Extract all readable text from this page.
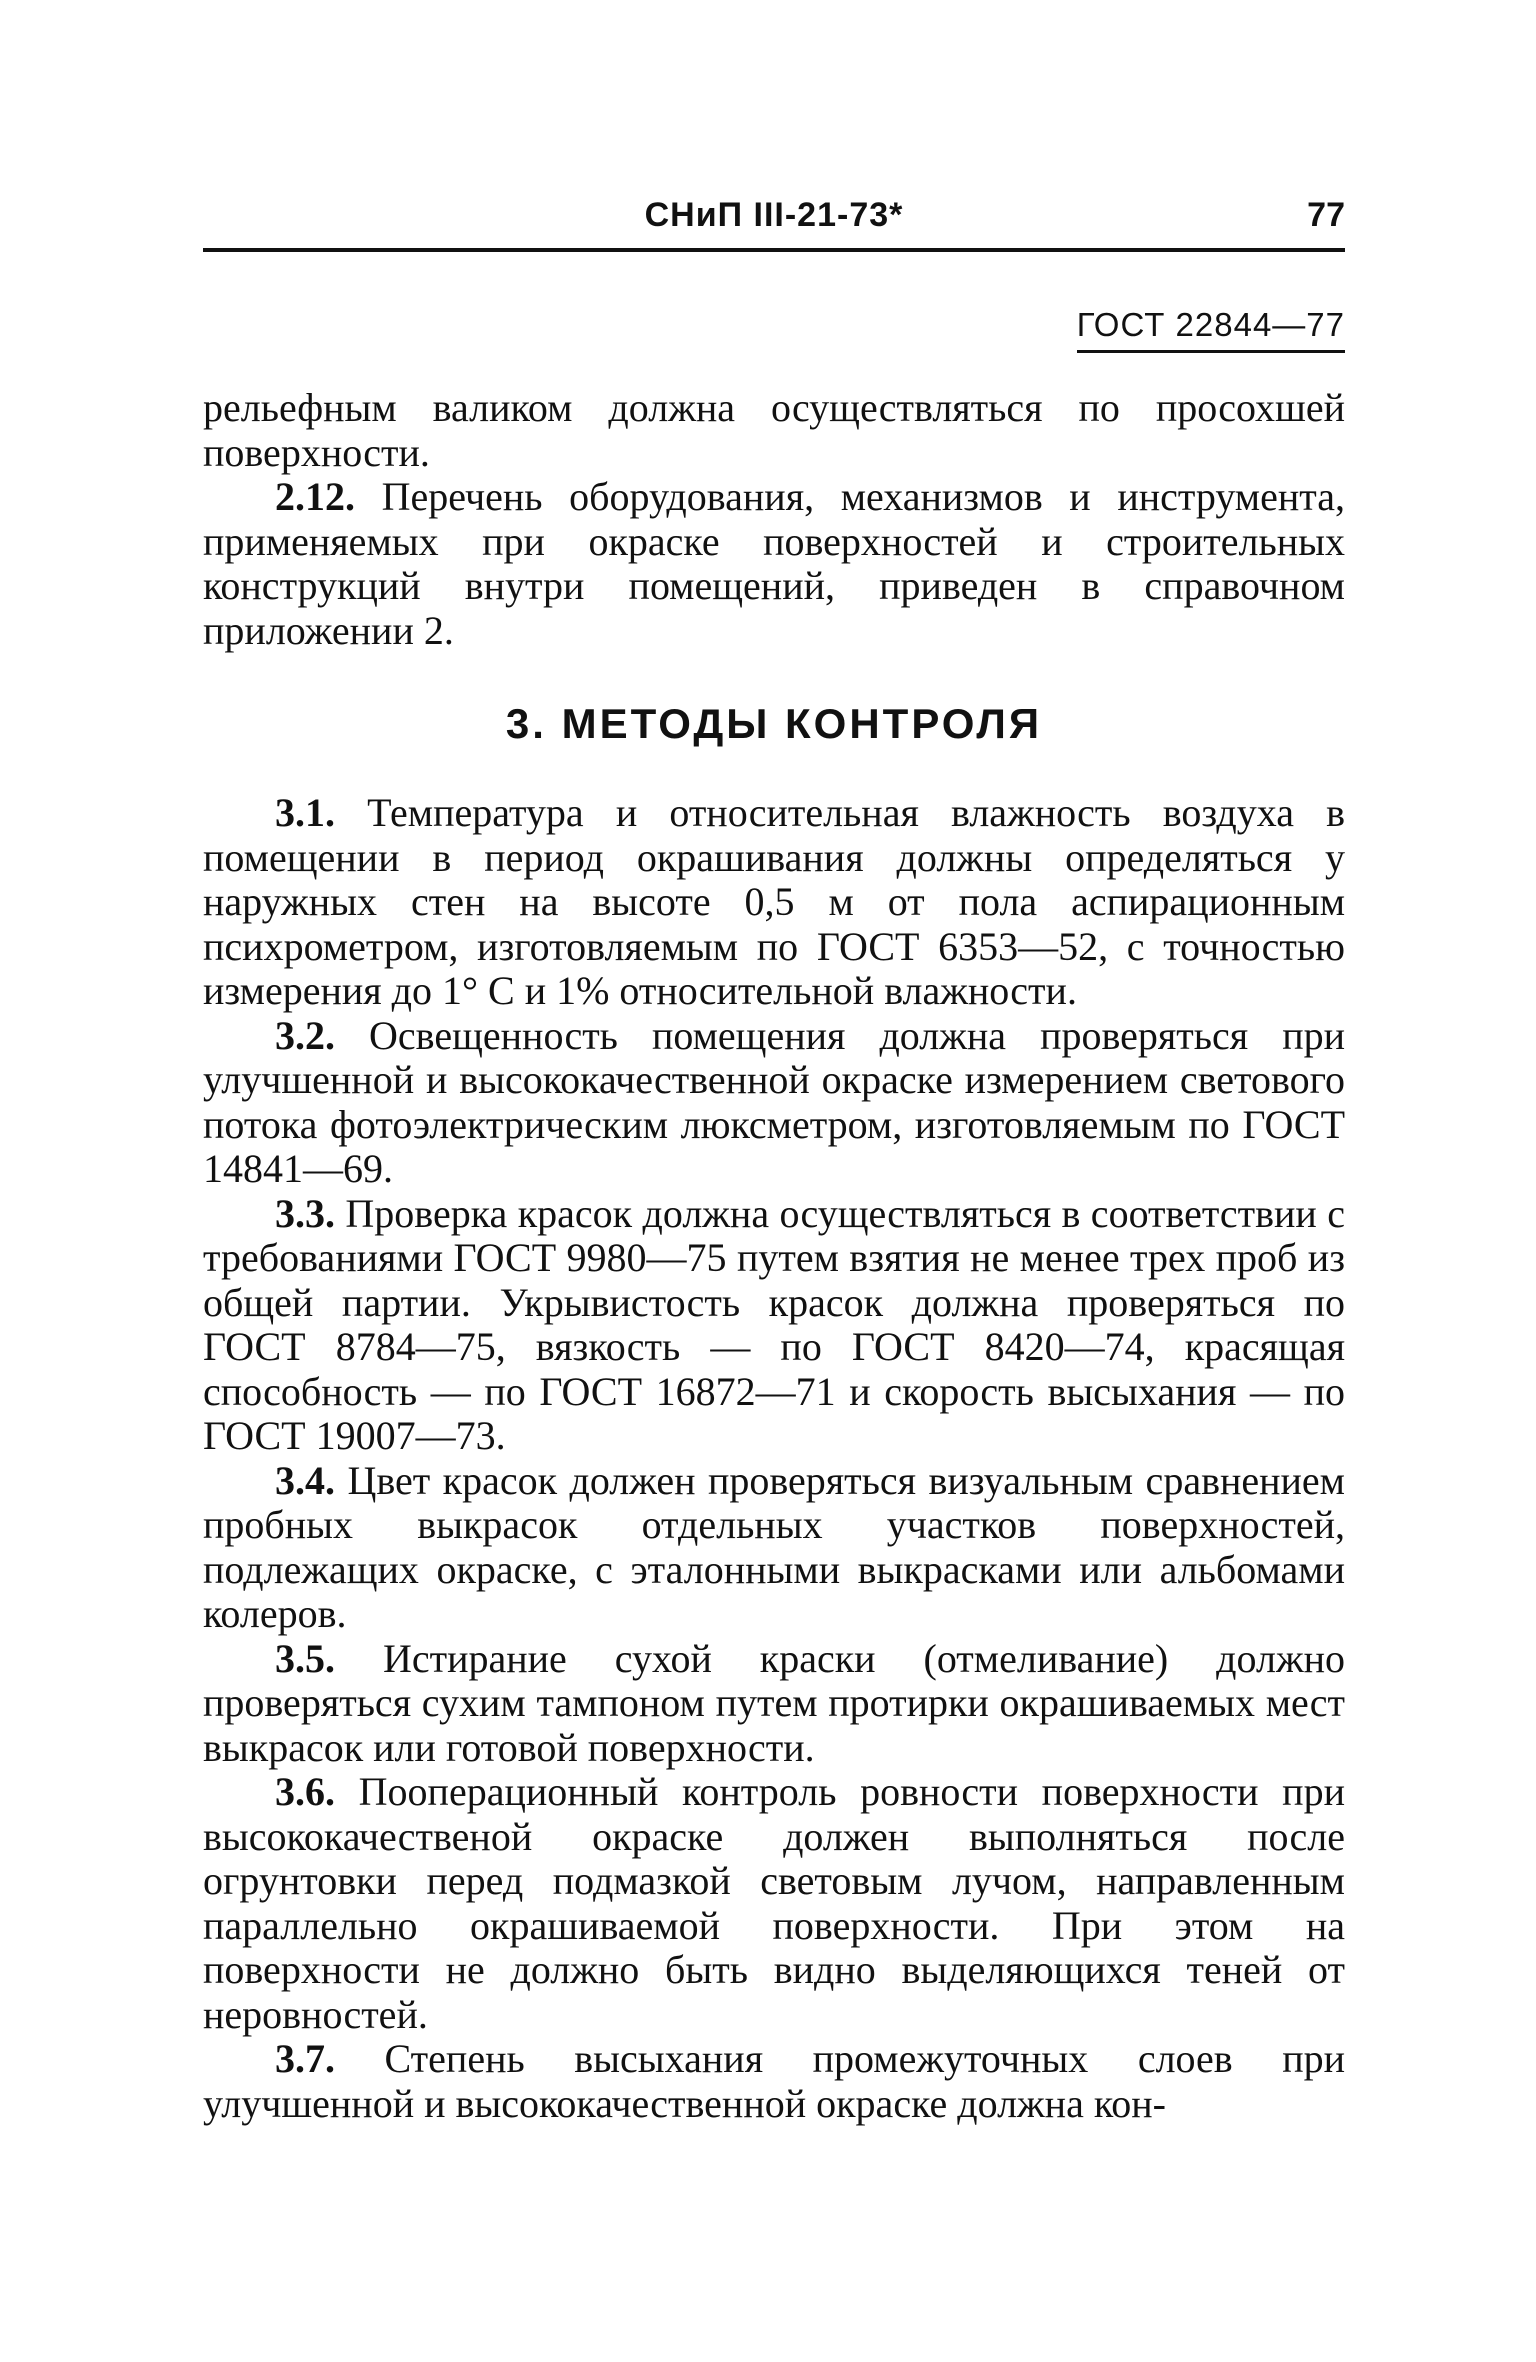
СНиП III-21-73*	77
ГОСТ 22844—77

рельефным валиком должна осуществляться по просохшей поверхности.

2.12. Перечень оборудования, механизмов и инструмента, применяемых при окраске поверхностей и строительных конструкций внутри помещений, приведен в справочном приложении 2.

3. МЕТОДЫ КОНТРОЛЯ

3.1. Температура и относительная влажность воздуха в помещении в период окрашивания должны определяться у наружных стен на высоте 0,5 м от пола аспирационным психрометром, изготовляемым по ГОСТ 6353—52, с точностью измерения до 1° С и 1% относительной влажности.

3.2. Освещенность помещения должна проверяться при улучшенной и высококачественной окраске измерением светового потока фотоэлектрическим люксметром, изготовляемым по ГОСТ 14841—69.

3.3. Проверка красок должна осуществляться в соответствии с требованиями ГОСТ 9980—75 путем взятия не менее трех проб из общей партии. Укрывистость красок должна проверяться по ГОСТ 8784—75, вязкость — по ГОСТ 8420—74, красящая способность — по ГОСТ 16872—71 и скорость высыхания — по ГОСТ 19007—73.

3.4. Цвет красок должен проверяться визуальным сравнением пробных выкрасок отдельных участков поверхностей, подлежащих окраске, с эталонными выкрасками или альбомами колеров.

3.5. Истирание сухой краски (отмеливание) должно проверяться сухим тампоном путем протирки окрашиваемых мест выкрасок или готовой поверхности.

3.6. Пооперационный контроль ровности поверхности при высококачественой окраске должен выполняться после огрунтовки перед подмазкой световым лучом, направленным параллельно окрашиваемой поверхности. При этом на поверхности не должно быть видно выделяющихся теней от неровностей.

3.7. Степень высыхания промежуточных слоев при улучшенной и высококачественной окраске должна кон-
